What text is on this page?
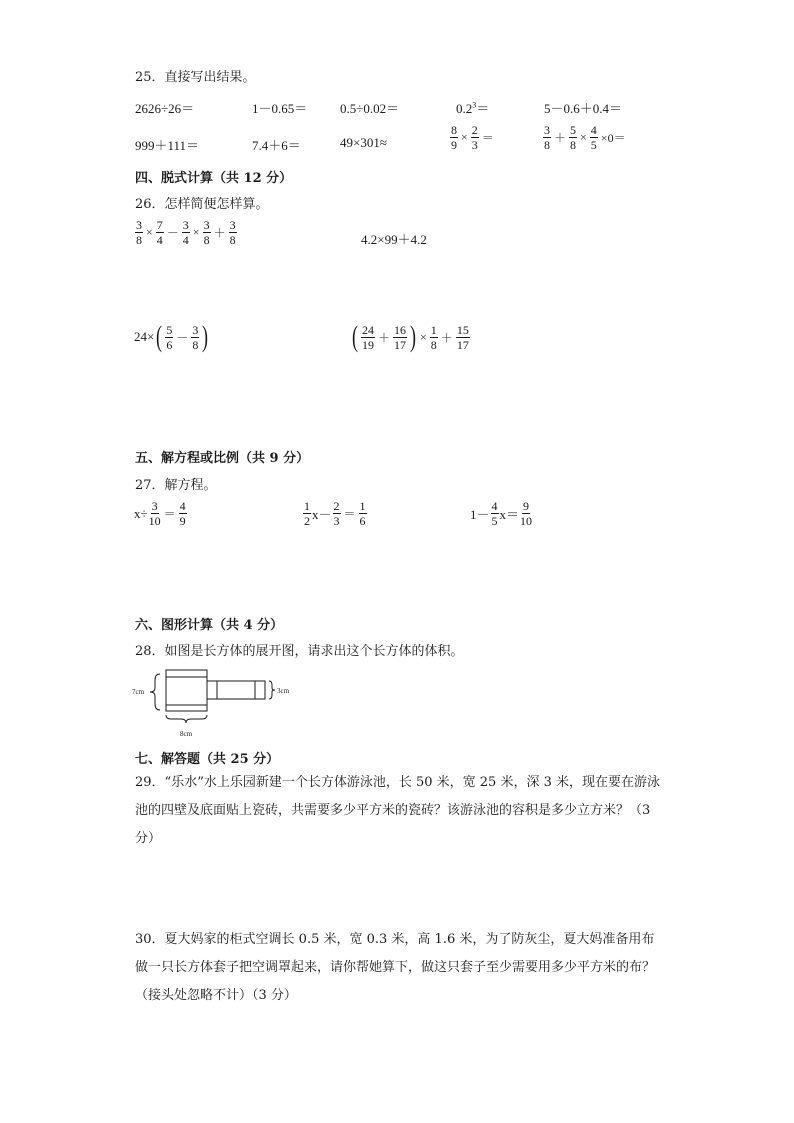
25．直接写出结果。
2626÷26＝	1－0.65＝	0.5÷0.02＝	$0.2^3=$	5－0.6＋0.4＝
999＋111＝	7.4＋6＝	49×301≈	$\frac{8}{9} \times \frac{2}{3}$ ＝	$\frac{3}{8} + \frac{5}{8} \times \frac{4}{5} \times 0=$
四、脱式计算（共 12 分）
26．怎样简便怎样算。
$\frac{3}{8} \times \frac{7}{4} - \frac{3}{4} \times \frac{3}{8} + \frac{3}{8}$	4.2×99＋4.2
24× ( $\frac{5}{6} - \frac{3}{8}$ )	( $\frac{24}{19} + \frac{16}{17}$ ) × $\frac{1}{8} + \frac{15}{17}$
五、解方程或比例（共 9 分）
27．解方程。
$x\div \frac{3}{10} = \frac{4}{9}$	$\frac{1}{2} x- \frac{2}{3} = \frac{1}{6}$	$1- \frac{4}{5} x= \frac{9}{10}$
六、图形计算（共 4 分）
28．如图是长方体的展开图，请求出这个长方体的体积。
7cm	3cm
8cm
七、解答题（共 25 分）
29．“乐水”水上乐园新建一个长方体游泳池，长 50 米，宽 25 米，深 3 米，现在要在游泳池的四壁及底面贴上瓷砖，共需要多少平方米的瓷砖？该游泳池的容积是多少立方米？（3 分）
30．夏大妈家的柜式空调长 0.5 米，宽 0.3 米，高 1.6 米，为了防灰尘，夏大妈准备用布做一只长方体套子把空调罩起来，请你帮她算下，做这只套子至少需要用多少平方米的布？（接头处忽略不计）（3 分）
